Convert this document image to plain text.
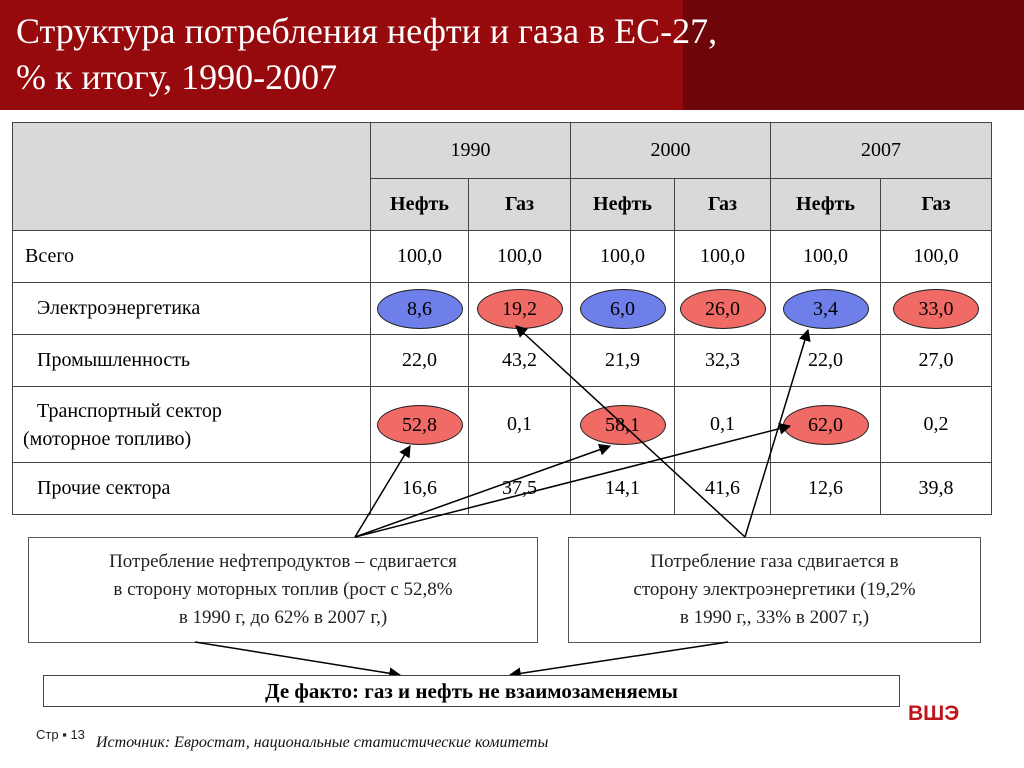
Структура потребления нефти и газа в ЕС-27,
% к итогу, 1990-2007
	1990		2000		2007	
	Нефть	Газ	Нефть	Газ	Нефть	Газ
Всего	100,0	100,0	100,0	100,0	100,0	100,0
Электроэнергетика	8,6	19,2	6,0	26,0	3,4	33,0
Промышленность	22,0	43,2	21,9	32,3	22,0	27,0

Транспортный сектор
(моторное топливо)	52,8	0,1	58,1	0,1	62,0	0,2
Прочие сектора	16,6	37,5	14,1	41,6	12,6	39,8
Потребление нефтепродуктов – сдвигается
в сторону моторных топлив (рост с 52,8%
в 1990 г, до 62% в 2007 г,)
Потребление газа сдвигается в
сторону электроэнергетики (19,2%
в 1990 г,, 33% в 2007 г,)
Де факто: газ и нефть не взаимозаменяемы
ВШЭ
Стр ▪ 13 Источник: Евростат, национальные статистические комитеты
